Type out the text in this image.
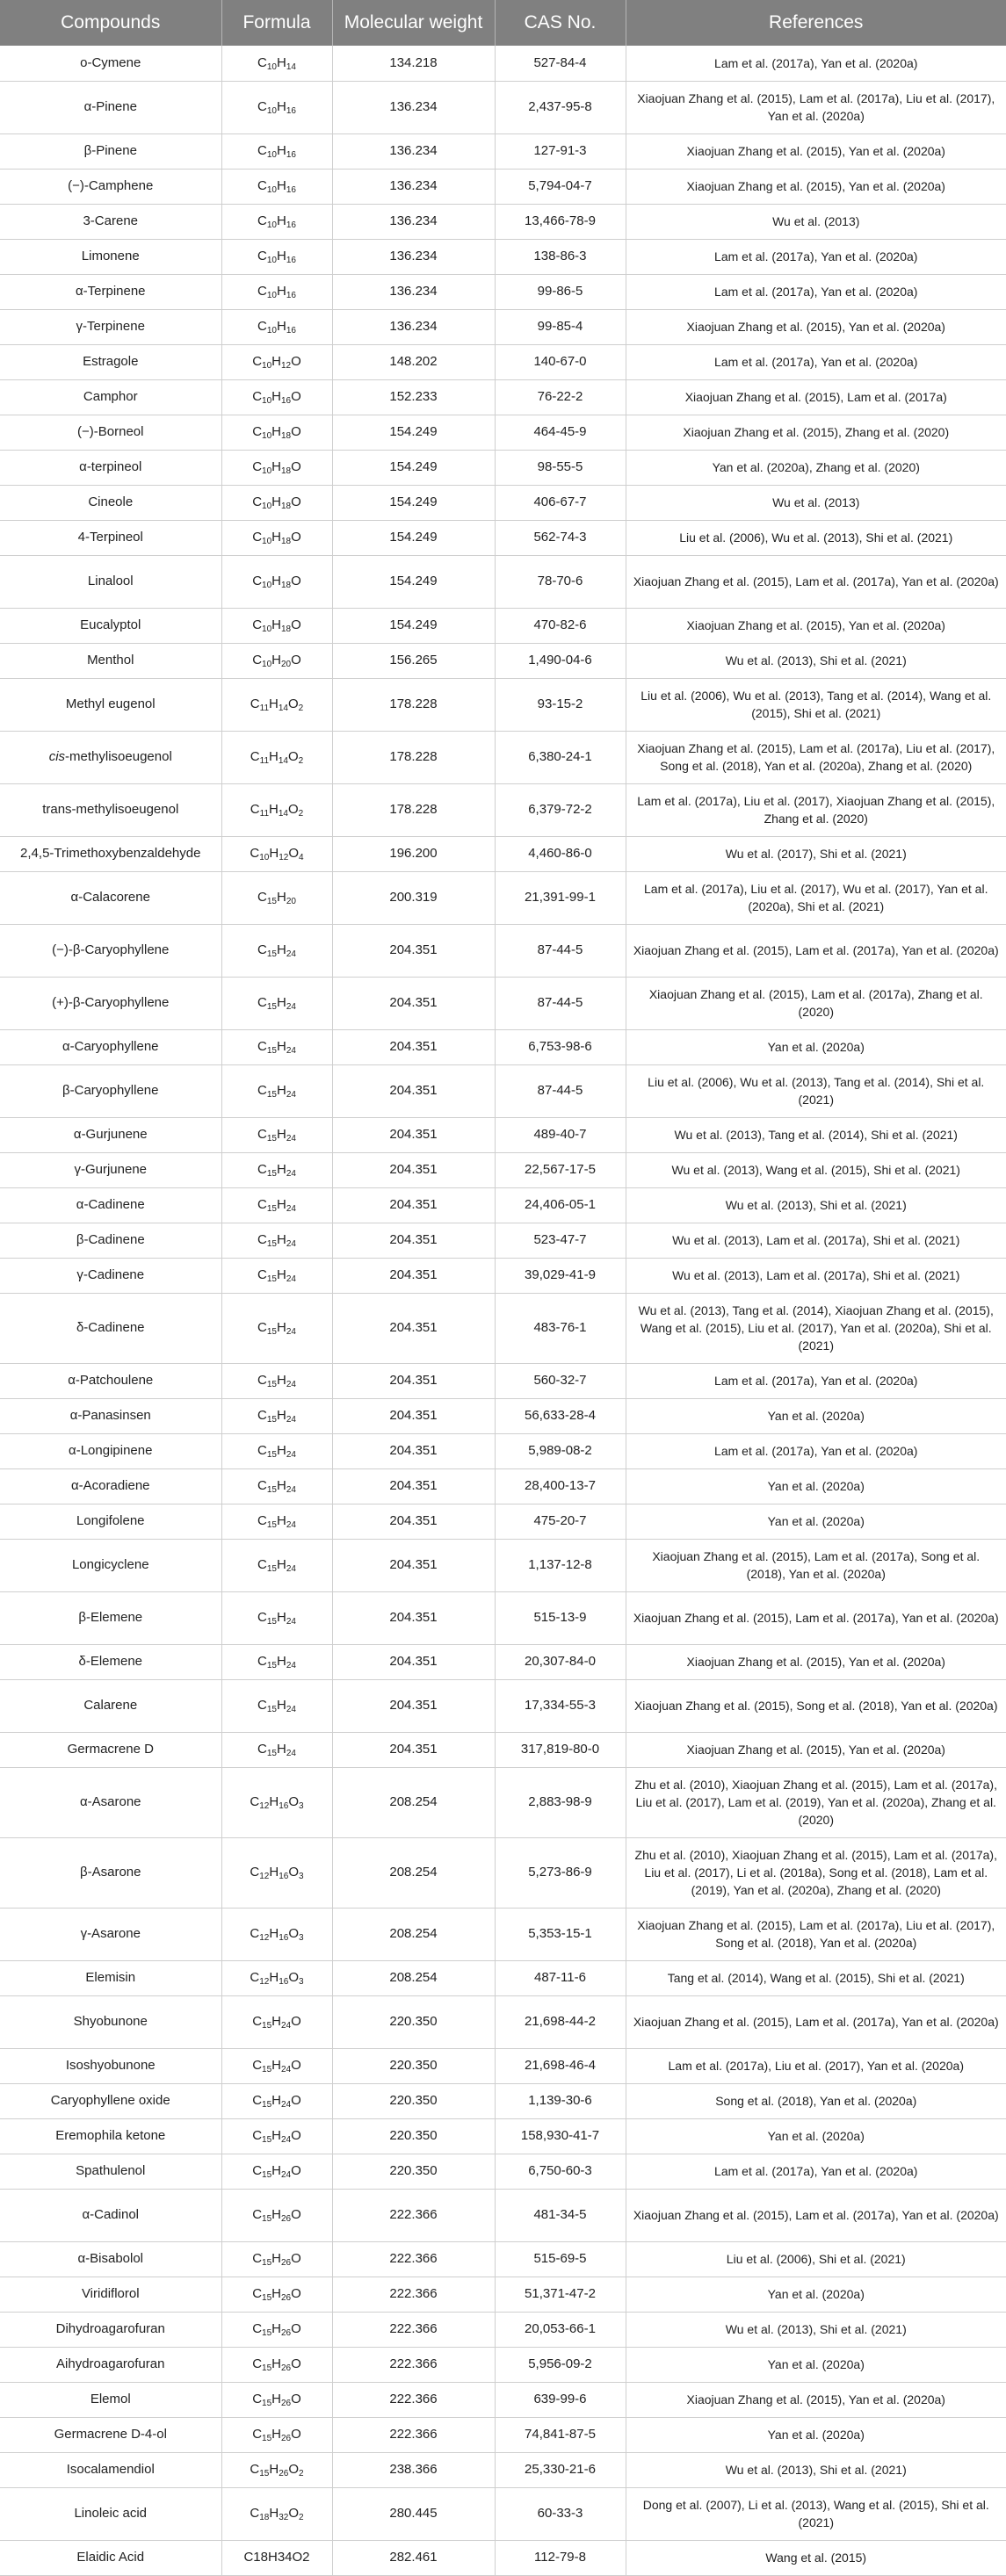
Compounds	Formula	Molecular weight	CAS No.	References
o-Cymene	$C_{10}H_{14}$	134.218	527-84-4	Lam et al. (2017a), Yan et al. (2020a)
α-Pinene	$C_{10}H_{16}$	136.234	2,437-95-8	Xiaojuan Zhang et al. (2015), Lam et al. (2017a), Liu et al. (2017), Yan et al. (2020a)
β-Pinene	$C_{10}H_{16}$	136.234	127-91-3	Xiaojuan Zhang et al. (2015), Yan et al. (2020a)
(−)-Camphene	$C_{10}H_{16}$	136.234	5,794-04-7	Xiaojuan Zhang et al. (2015), Yan et al. (2020a)
3-Carene	$C_{10}H_{16}$	136.234	13,466-78-9	Wu et al. (2013)
Limonene	$C_{10}H_{16}$	136.234	138-86-3	Lam et al. (2017a), Yan et al. (2020a)
α-Terpinene	$C_{10}H_{16}$	136.234	99-86-5	Lam et al. (2017a), Yan et al. (2020a)
γ-Terpinene	$C_{10}H_{16}$	136.234	99-85-4	Xiaojuan Zhang et al. (2015), Yan et al. (2020a)
Estragole	$C_{10}H_{12}O$	148.202	140-67-0	Lam et al. (2017a), Yan et al. (2020a)
Camphor	$C_{10}H_{16}O$	152.233	76-22-2	Xiaojuan Zhang et al. (2015), Lam et al. (2017a)
(−)-Borneol	$C_{10}H_{18}O$	154.249	464-45-9	Xiaojuan Zhang et al. (2015), Zhang et al. (2020)
α-terpineol	$C_{10}H_{18}O$	154.249	98-55-5	Yan et al. (2020a), Zhang et al. (2020)
Cineole	$C_{10}H_{18}O$	154.249	406-67-7	Wu et al. (2013)
4-Terpineol	$C_{10}H_{18}O$	154.249	562-74-3	Liu et al. (2006), Wu et al. (2013), Shi et al. (2021)
Linalool	$C_{10}H_{18}O$	154.249	78-70-6	Xiaojuan Zhang et al. (2015), Lam et al. (2017a), Yan et al. (2020a)
Eucalyptol	$C_{10}H_{18}O$	154.249	470-82-6	Xiaojuan Zhang et al. (2015), Yan et al. (2020a)
Menthol	$C_{10}H_{20}O$	156.265	1,490-04-6	Wu et al. (2013), Shi et al. (2021)
Methyl eugenol	$C_{11}H_{14}O_2$	178.228	93-15-2	Liu et al. (2006), Wu et al. (2013), Tang et al. (2014), Wang et al. (2015), Shi et al. (2021)
cis-methylisoeugenol	$C_{11}H_{14}O_2$	178.228	6,380-24-1	Xiaojuan Zhang et al. (2015), Lam et al. (2017a), Liu et al. (2017), Song et al. (2018), Yan et al. (2020a), Zhang et al. (2020)
trans-methylisoeugenol	$C_{11}H_{14}O_2$	178.228	6,379-72-2	Lam et al. (2017a), Liu et al. (2017), Xiaojuan Zhang et al. (2015), Zhang et al. (2020)
2,4,5-Trimethoxybenzaldehyde	$C_{10}H_{12}O_4$	196.200	4,460-86-0	Wu et al. (2017), Shi et al. (2021)
α-Calacorene	$C_{15}H_{20}$	200.319	21,391-99-1	Lam et al. (2017a), Liu et al. (2017), Wu et al. (2017), Yan et al. (2020a), Shi et al. (2021)
(−)-β-Caryophyllene	$C_{15}H_{24}$	204.351	87-44-5	Xiaojuan Zhang et al. (2015), Lam et al. (2017a), Yan et al. (2020a)
(+)-β-Caryophyllene	$C_{15}H_{24}$	204.351	87-44-5	Xiaojuan Zhang et al. (2015), Lam et al. (2017a), Zhang et al. (2020)
α-Caryophyllene	$C_{15}H_{24}$	204.351	6,753-98-6	Yan et al. (2020a)
β-Caryophyllene	$C_{15}H_{24}$	204.351	87-44-5	Liu et al. (2006), Wu et al. (2013), Tang et al. (2014), Shi et al. (2021)
α-Gurjunene	$C_{15}H_{24}$	204.351	489-40-7	Wu et al. (2013), Tang et al. (2014), Shi et al. (2021)
γ-Gurjunene	$C_{15}H_{24}$	204.351	22,567-17-5	Wu et al. (2013), Wang et al. (2015), Shi et al. (2021)
α-Cadinene	$C_{15}H_{24}$	204.351	24,406-05-1	Wu et al. (2013), Shi et al. (2021)
β-Cadinene	$C_{15}H_{24}$	204.351	523-47-7	Wu et al. (2013), Lam et al. (2017a), Shi et al. (2021)
γ-Cadinene	$C_{15}H_{24}$	204.351	39,029-41-9	Wu et al. (2013), Lam et al. (2017a), Shi et al. (2021)
δ-Cadinene	$C_{15}H_{24}$	204.351	483-76-1	Wu et al. (2013), Tang et al. (2014), Xiaojuan Zhang et al. (2015), Wang et al. (2015), Liu et al. (2017), Yan et al. (2020a), Shi et al. (2021)
α-Patchoulene	$C_{15}H_{24}$	204.351	560-32-7	Lam et al. (2017a), Yan et al. (2020a)
α-Panasinsen	$C_{15}H_{24}$	204.351	56,633-28-4	Yan et al. (2020a)
α-Longipinene	$C_{15}H_{24}$	204.351	5,989-08-2	Lam et al. (2017a), Yan et al. (2020a)
α-Acoradiene	$C_{15}H_{24}$	204.351	28,400-13-7	Yan et al. (2020a)
Longifolene	$C_{15}H_{24}$	204.351	475-20-7	Yan et al. (2020a)
Longicyclene	$C_{15}H_{24}$	204.351	1,137-12-8	Xiaojuan Zhang et al. (2015), Lam et al. (2017a), Song et al. (2018), Yan et al. (2020a)
β-Elemene	$C_{15}H_{24}$	204.351	515-13-9	Xiaojuan Zhang et al. (2015), Lam et al. (2017a), Yan et al. (2020a)
δ-Elemene	$C_{15}H_{24}$	204.351	20,307-84-0	Xiaojuan Zhang et al. (2015), Yan et al. (2020a)
Calarene	$C_{15}H_{24}$	204.351	17,334-55-3	Xiaojuan Zhang et al. (2015), Song et al. (2018), Yan et al. (2020a)
Germacrene D	$C_{15}H_{24}$	204.351	317,819-80-0	Xiaojuan Zhang et al. (2015), Yan et al. (2020a)
α-Asarone	$C_{12}H_{16}O_3$	208.254	2,883-98-9	Zhu et al. (2010), Xiaojuan Zhang et al. (2015), Lam et al. (2017a), Liu et al. (2017), Lam et al. (2019), Yan et al. (2020a), Zhang et al. (2020)
β-Asarone	$C_{12}H_{16}O_3$	208.254	5,273-86-9	Zhu et al. (2010), Xiaojuan Zhang et al. (2015), Lam et al. (2017a), Liu et al. (2017), Li et al. (2018a), Song et al. (2018), Lam et al. (2019), Yan et al. (2020a), Zhang et al. (2020)
γ-Asarone	$C_{12}H_{16}O_3$	208.254	5,353-15-1	Xiaojuan Zhang et al. (2015), Lam et al. (2017a), Liu et al. (2017), Song et al. (2018), Yan et al. (2020a)
Elemisin	$C_{12}H_{16}O_3$	208.254	487-11-6	Tang et al. (2014), Wang et al. (2015), Shi et al. (2021)
Shyobunone	$C_{15}H_{24}O$	220.350	21,698-44-2	Xiaojuan Zhang et al. (2015), Lam et al. (2017a), Yan et al. (2020a)
Isoshyobunone	$C_{15}H_{24}O$	220.350	21,698-46-4	Lam et al. (2017a), Liu et al. (2017), Yan et al. (2020a)
Caryophyllene oxide	$C_{15}H_{24}O$	220.350	1,139-30-6	Song et al. (2018), Yan et al. (2020a)
Eremophila ketone	$C_{15}H_{24}O$	220.350	158,930-41-7	Yan et al. (2020a)
Spathulenol	$C_{15}H_{24}O$	220.350	6,750-60-3	Lam et al. (2017a), Yan et al. (2020a)
α-Cadinol	$C_{15}H_{26}O$	222.366	481-34-5	Xiaojuan Zhang et al. (2015), Lam et al. (2017a), Yan et al. (2020a)
α-Bisabolol	$C_{15}H_{26}O$	222.366	515-69-5	Liu et al. (2006), Shi et al. (2021)
Viridiflorol	$C_{15}H_{26}O$	222.366	51,371-47-2	Yan et al. (2020a)
Dihydroagarofuran	$C_{15}H_{26}O$	222.366	20,053-66-1	Wu et al. (2013), Shi et al. (2021)
Aihydroagarofuran	$C_{15}H_{26}O$	222.366	5,956-09-2	Yan et al. (2020a)
Elemol	$C_{15}H_{26}O$	222.366	639-99-6	Xiaojuan Zhang et al. (2015), Yan et al. (2020a)
Germacrene D-4-ol	$C_{15}H_{26}O$	222.366	74,841-87-5	Yan et al. (2020a)
Isocalamendiol	$C_{15}H_{26}O_2$	238.366	25,330-21-6	Wu et al. (2013), Shi et al. (2021)
Linoleic acid	$C_{18}H_{32}O_2$	280.445	60-33-3	Dong et al. (2007), Li et al. (2013), Wang et al. (2015), Shi et al. (2021)
Elaidic Acid	C18H34O2	282.461	112-79-8	Wang et al. (2015)
